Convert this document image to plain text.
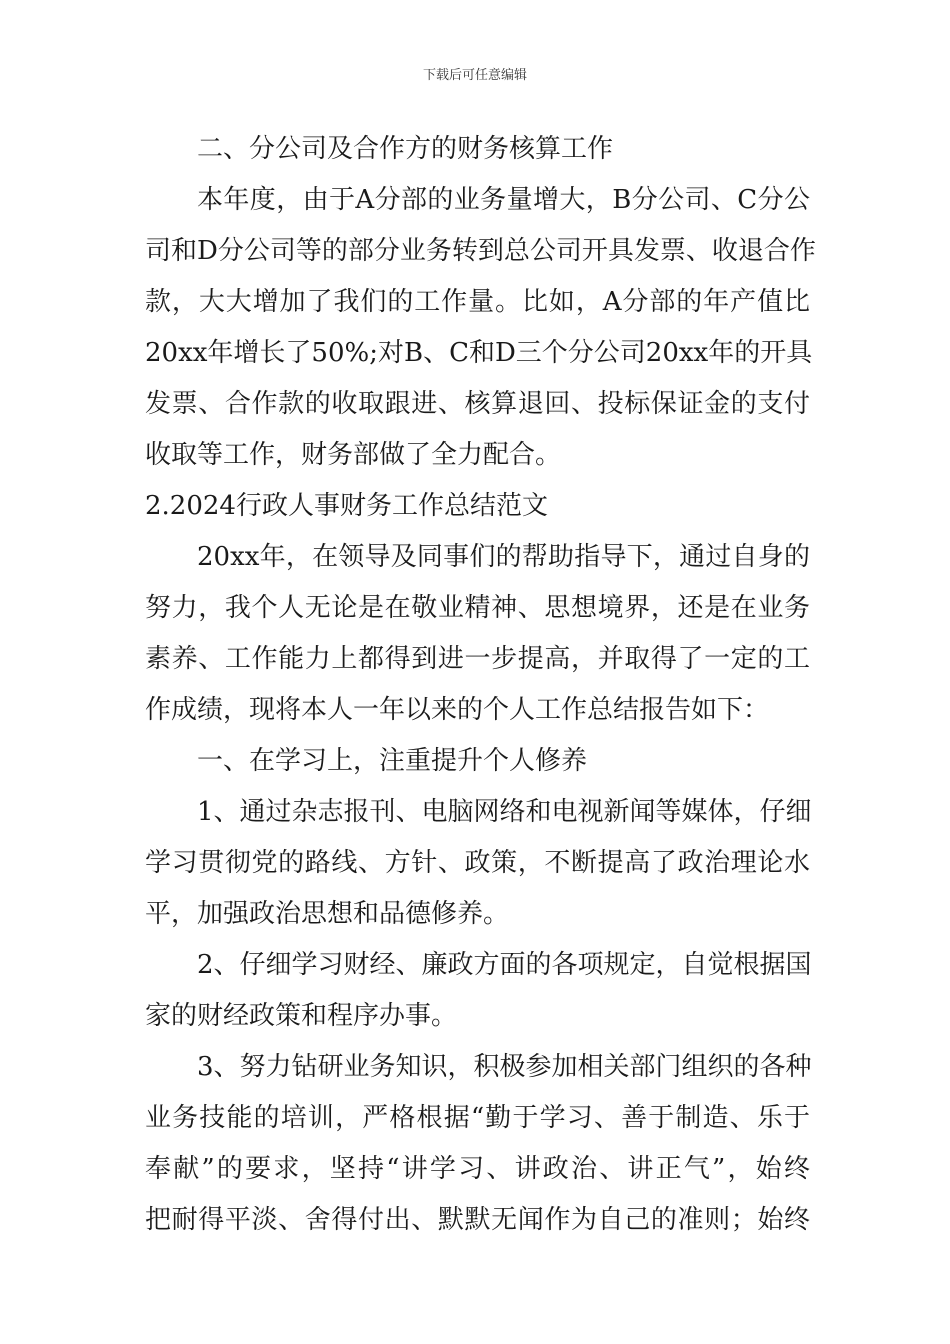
下载后可任意编辑
二、分公司及合作方的财务核算工作
本年度，由于A分部的业务量增大，B分公司、C分公
司和D分公司等的部分业务转到总公司开具发票、收退合作
款，大大增加了我们的工作量。比如，A分部的年产值比
20xx年增长了50%;对B、C和D三个分公司20xx年的开具
发票、合作款的收取跟进、核算退回、投标保证金的支付
收取等工作，财务部做了全力配合。
2.2024行政人事财务工作总结范文
20xx年，在领导及同事们的帮助指导下，通过自身的
努力，我个人无论是在敬业精神、思想境界，还是在业务
素养、工作能力上都得到进一步提高，并取得了一定的工
作成绩，现将本人一年以来的个人工作总结报告如下：
一、在学习上，注重提升个人修养
1、通过杂志报刊、电脑网络和电视新闻等媒体，仔细
学习贯彻党的路线、方针、政策，不断提高了政治理论水
平，加强政治思想和品德修养。
2、仔细学习财经、廉政方面的各项规定，自觉根据国
家的财经政策和程序办事。
3、努力钻研业务知识，积极参加相关部门组织的各种
业务技能的培训，严格根据“勤于学习、善于制造、乐于
奉献”的要求，坚持“讲学习、讲政治、讲正气”，始终
把耐得平淡、舍得付出、默默无闻作为自己的准则；始终
